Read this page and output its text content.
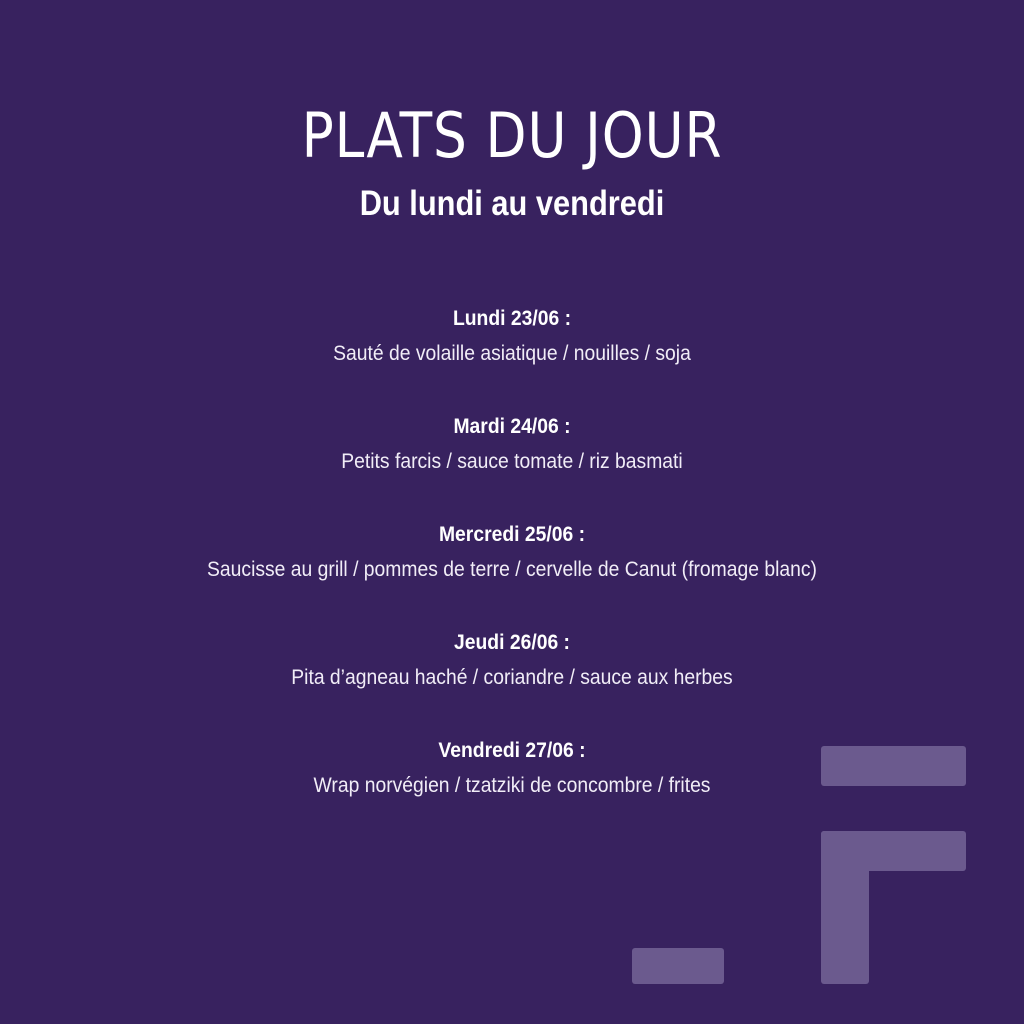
PLATS DU JOUR
Du lundi au vendredi
Lundi 23/06 :
Sauté de volaille asiatique / nouilles / soja
Mardi 24/06 :
Petits farcis / sauce tomate / riz basmati
Mercredi 25/06 :
Saucisse au grill / pommes de terre / cervelle de Canut (fromage blanc)
Jeudi 26/06 :
Pita d’agneau haché / coriandre / sauce aux herbes
Vendredi 27/06 :
Wrap norvégien / tzatziki de concombre / frites
